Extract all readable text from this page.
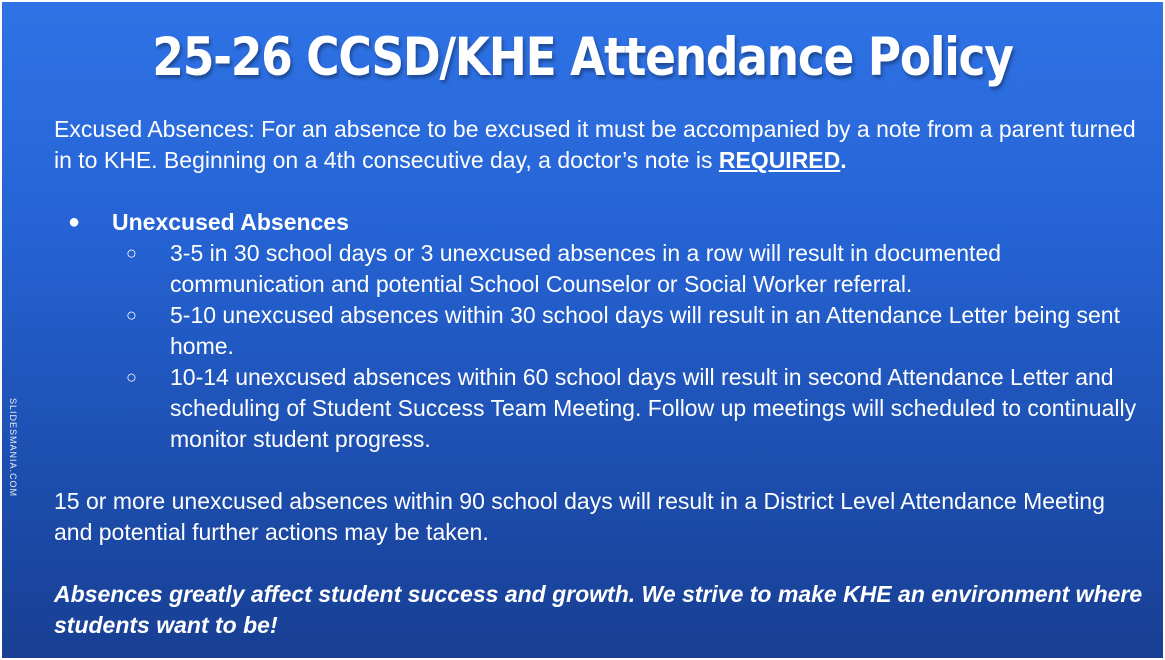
25-26 CCSD/KHE Attendance Policy
SLIDESMANIA.COM

Excused Absences: For an absence to be excused it must be accompanied by a note from a parent turned in to KHE. Beginning on a 4th consecutive day, a doctor’s note is REQUIRED.

● Unexcused Absences
○ 3-5 in 30 school days or 3 unexcused absences in a row will result in documented communication and potential School Counselor or Social Worker referral.
○ 5-10 unexcused absences within 30 school days will result in an Attendance Letter being sent home.
○ 10-14 unexcused absences within 60 school days will result in second Attendance Letter and scheduling of Student Success Team Meeting. Follow up meetings will scheduled to continually monitor student progress.

15 or more unexcused absences within 90 school days will result in a District Level Attendance Meeting and potential further actions may be taken.

Absences greatly affect student success and growth. We strive to make KHE an environment where students want to be!
